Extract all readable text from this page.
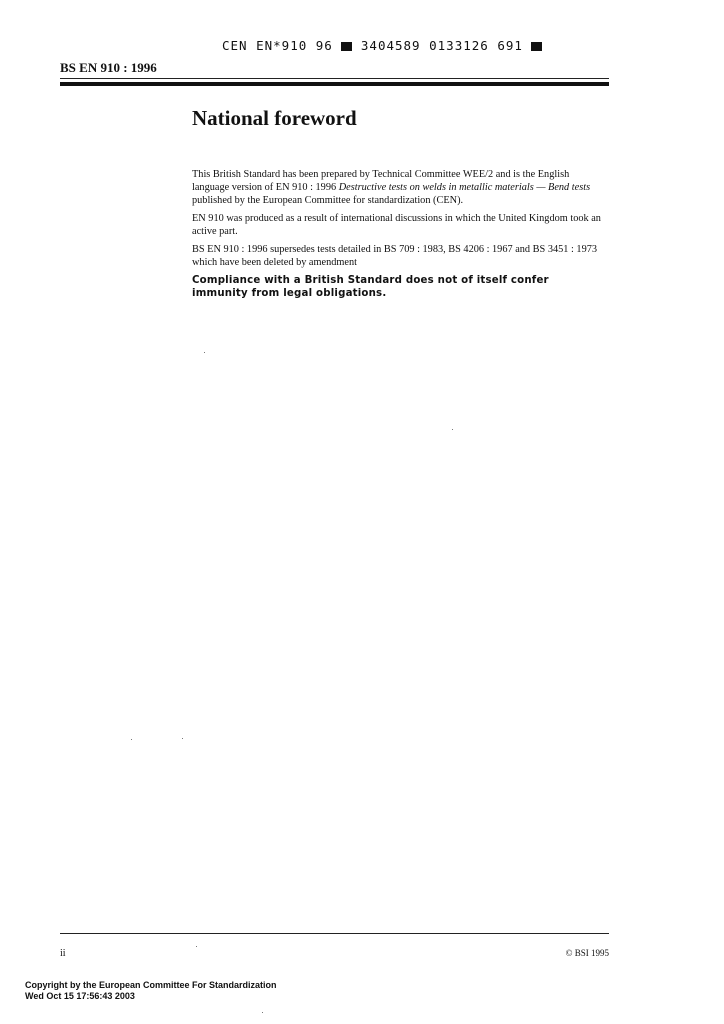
CEN EN*910 96 3404589 0133126 691
BS EN 910 : 1996
National foreword

This British Standard has been prepared by Technical Committee WEE/2 and is the English language version of EN 910 : 1996 Destructive tests on welds in metallic materials — Bend tests published by the European Committee for standardization (CEN).

EN 910 was produced as a result of international discussions in which the United Kingdom took an active part.

BS EN 910 : 1996 supersedes tests detailed in BS 709 : 1983, BS 4206 : 1967 and BS 3451 : 1973 which have been deleted by amendment

Compliance with a British Standard does not of itself confer immunity from legal obligations.

ii	© BSI 1995
Copyright by the European Committee For Standardization
Wed Oct 15 17:56:43 2003
